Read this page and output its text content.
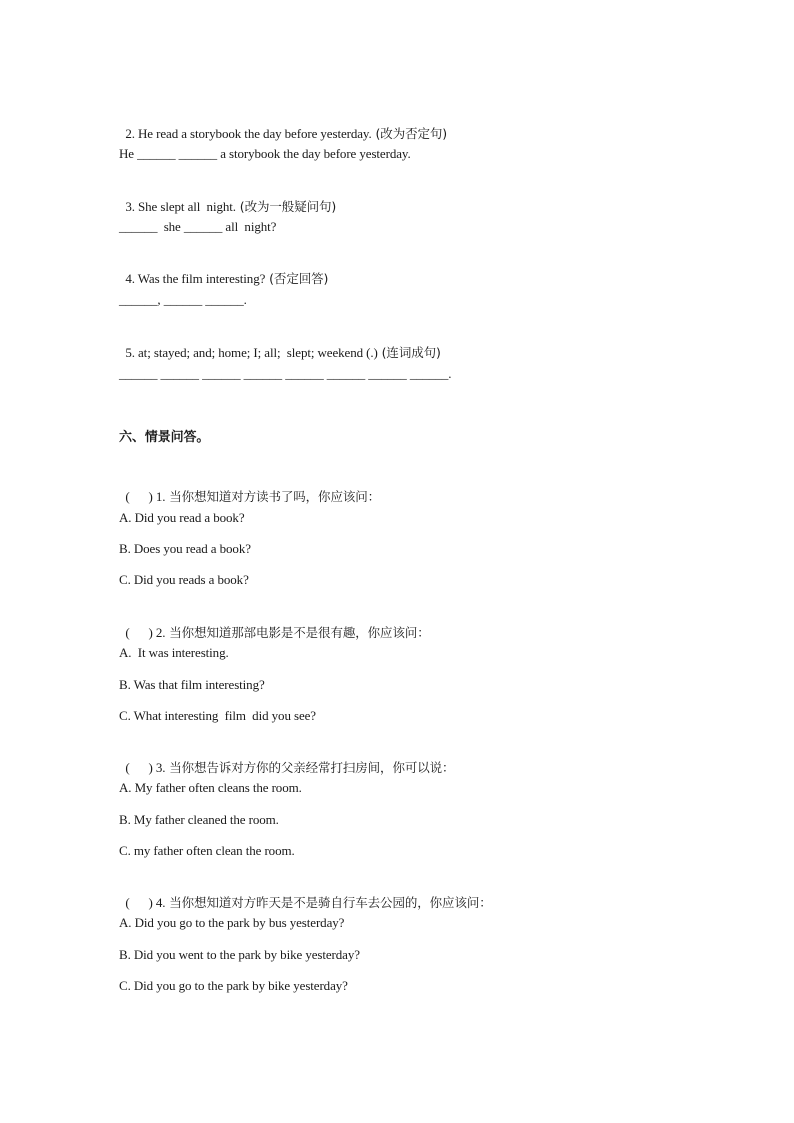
2. He read a storybook the day before yesterday. (改为否定句)

He ______ ______ a storybook the day before yesterday.

3. She slept all  night. (改为一般疑问句)

______  she ______ all  night?

4. Was the film interesting? (否定回答)

______, ______ ______.

5. at; stayed; and; home; I; all;  slept; weekend (.) (连词成句)

______ ______ ______ ______ ______ ______ ______ ______.
六、情景问答。

(      ) 1. 当你想知道对方读书了吗，你应该问：

A. Did you read a book?
B. Does you read a book?
C. Did you reads a book?

(      ) 2. 当你想知道那部电影是不是很有趣，你应该问：

A.  It was interesting.
B. Was that film interesting?
C. What interesting  film  did you see?

(      ) 3. 当你想告诉对方你的父亲经常打扫房间，你可以说：

A. My father often cleans the room.
B. My father cleaned the room.
C. my father often clean the room.

(      ) 4. 当你想知道对方昨天是不是骑自行车去公园的，你应该问：

A. Did you go to the park by bus yesterday?
B. Did you went to the park by bike yesterday?
C. Did you go to the park by bike yesterday?
